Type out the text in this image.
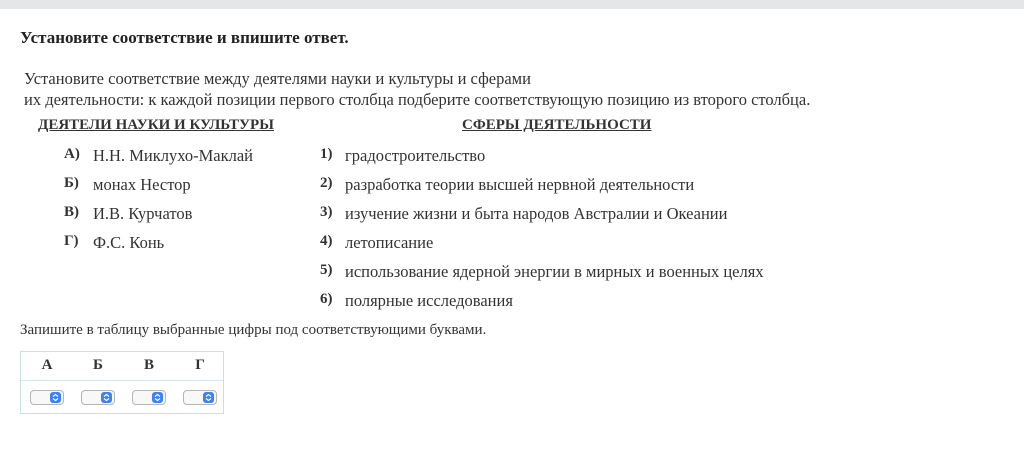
Установите соответствие и впишите ответ.
Установите соответствие между деятелями науки и культуры и сферами
их деятельности: к каждой позиции первого столбца подберите соответствующую позицию из второго столбца.
ДЕЯТЕЛИ НАУКИ И КУЛЬТУРЫ	СФЕРЫ ДЕЯТЕЛЬНОСТИ
А) Н.Н. Миклухо-Маклай
Б) монах Нестор
В) И.В. Курчатов
Г) Ф.С. Конь
1) градостроительство
2) разработка теории высшей нервной деятельности
3) изучение жизни и быта народов Австралии и Океании
4) летописание
5) использование ядерной энергии в мирных и военных целях
6) полярные исследования
Запишите в таблицу выбранные цифры под соответствующими буквами.
А	Б	В	Г
